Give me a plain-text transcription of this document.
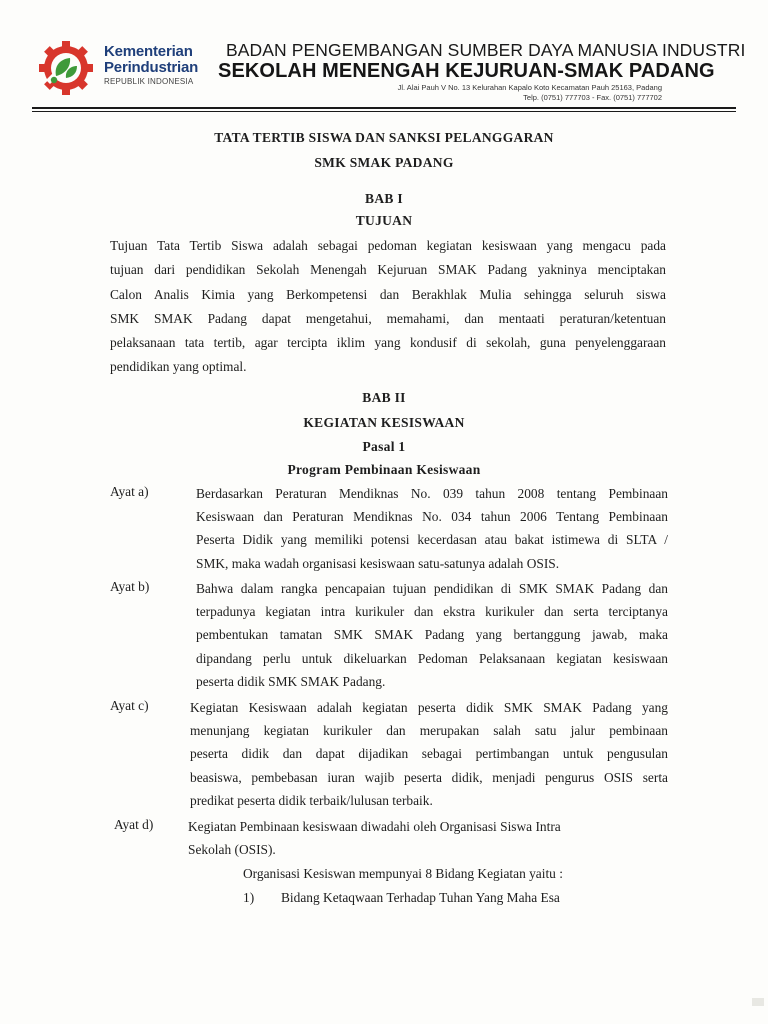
Kementerian
Perindustrian
REPUBLIK INDONESIA
BADAN PENGEMBANGAN SUMBER DAYA MANUSIA INDUSTRI
SEKOLAH MENENGAH KEJURUAN-SMAK PADANG
Jl. Alai Pauh V No. 13 Kelurahan Kapalo Koto Kecamatan Pauh 25163, Padang
Telp. (0751) 777703 - Fax. (0751) 777702
TATA TERTIB SISWA DAN SANKSI PELANGGARAN
SMK SMAK PADANG
BAB I
TUJUAN
Tujuan Tata Tertib Siswa adalah sebagai pedoman kegiatan kesiswaan yang mengacu pada
tujuan dari pendidikan Sekolah Menengah Kejuruan SMAK Padang yakninya menciptakan
Calon Analis Kimia yang Berkompetensi dan Berakhlak Mulia sehingga seluruh siswa
SMK SMAK Padang dapat mengetahui, memahami, dan mentaati peraturan/ketentuan
pelaksanaan tata tertib, agar tercipta iklim yang kondusif di sekolah, guna penyelenggaraan
pendidikan yang optimal.
BAB II
KEGIATAN KESISWAAN
Pasal 1
Program Pembinaan Kesiswaan
Ayat a)	Berdasarkan Peraturan Mendiknas No. 039 tahun 2008 tentang Pembinaan
Kesiswaan dan Peraturan Mendiknas No. 034 tahun 2006 Tentang Pembinaan
Peserta Didik yang memiliki potensi kecerdasan atau bakat istimewa di SLTA /
SMK, maka wadah organisasi kesiswaan satu-satunya adalah OSIS.
Ayat b)	Bahwa dalam rangka pencapaian tujuan pendidikan di SMK SMAK Padang dan
terpadunya kegiatan intra kurikuler dan ekstra kurikuler dan serta terciptanya
pembentukan tamatan SMK SMAK Padang yang bertanggung jawab, maka
dipandang perlu untuk dikeluarkan Pedoman Pelaksanaan kegiatan kesiswaan
peserta didik SMK SMAK Padang.
Ayat c)	Kegiatan Kesiswaan adalah kegiatan peserta didik SMK SMAK Padang yang
menunjang kegiatan kurikuler dan merupakan salah satu jalur pembinaan
peserta didik dan dapat dijadikan sebagai pertimbangan untuk pengusulan
beasiswa, pembebasan iuran wajib peserta didik, menjadi pengurus OSIS serta
predikat peserta didik terbaik/lulusan terbaik.
Ayat d)	Kegiatan Pembinaan kesiswaan diwadahi oleh Organisasi Siswa Intra
Sekolah (OSIS).
Organisasi Kesiswan mempunyai 8 Bidang Kegiatan yaitu :
1) Bidang Ketaqwaan Terhadap Tuhan Yang Maha Esa
